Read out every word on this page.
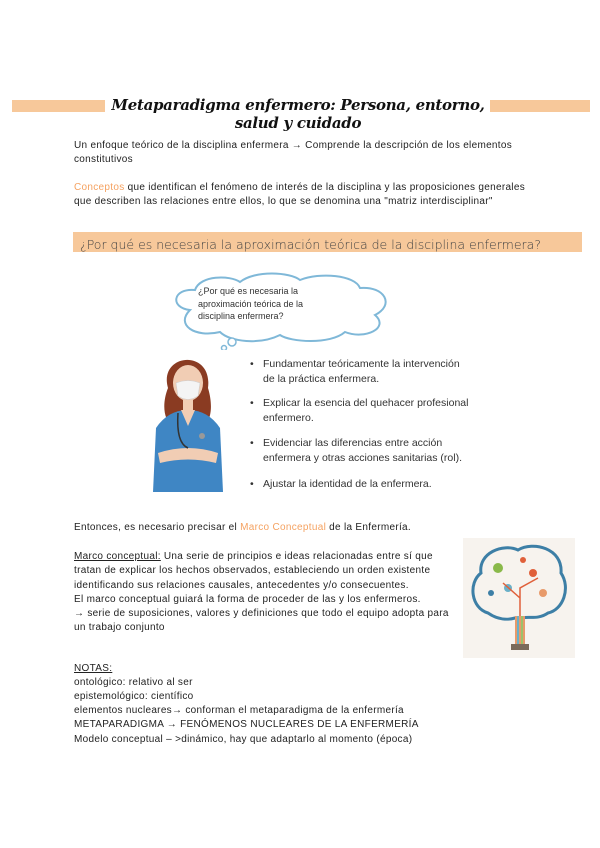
Metaparadigma enfermero: Persona, entorno, salud y cuidado
Un enfoque teórico de la disciplina enfermera → Comprende la descripción de los elementos
constitutivos
Conceptos que identifican el fenómeno de interés de la disciplina y las proposiciones generales
que describen las relaciones entre ellos, lo que se denomina una "matriz interdisciplinar"
¿Por qué es necesaria la aproximación teórica de la disciplina enfermera?
¿Por qué es necesaria la aproximación teórica de la disciplina enfermera?
• Fundamentar teóricamente la intervención de la práctica enfermera.
• Explicar la esencia del quehacer profesional enfermero.
• Evidenciar las diferencias entre acción enfermera y otras acciones sanitarias (rol).
• Ajustar la identidad de la enfermera.
Entonces, es necesario precisar el Marco Conceptual de la Enfermería.
Marco conceptual: Una serie de principios e ideas relacionadas entre sí que
tratan de explicar los hechos observados, estableciendo un orden existente
identificando sus relaciones causales, antecedentes y/o consecuentes.
El marco conceptual guiará la forma de proceder de las y los enfermeros.
→ serie de suposiciones, valores y definiciones que todo el equipo adopta para
un trabajo conjunto
NOTAS:
ontológico: relativo al ser
epistemológico: científico
elementos nucleares→ conforman el metaparadigma de la enfermería
METAPARADIGMA → FENÓMENOS NUCLEARES DE LA ENFERMERÍA
Modelo conceptual – >dinámico, hay que adaptarlo al momento (época)
